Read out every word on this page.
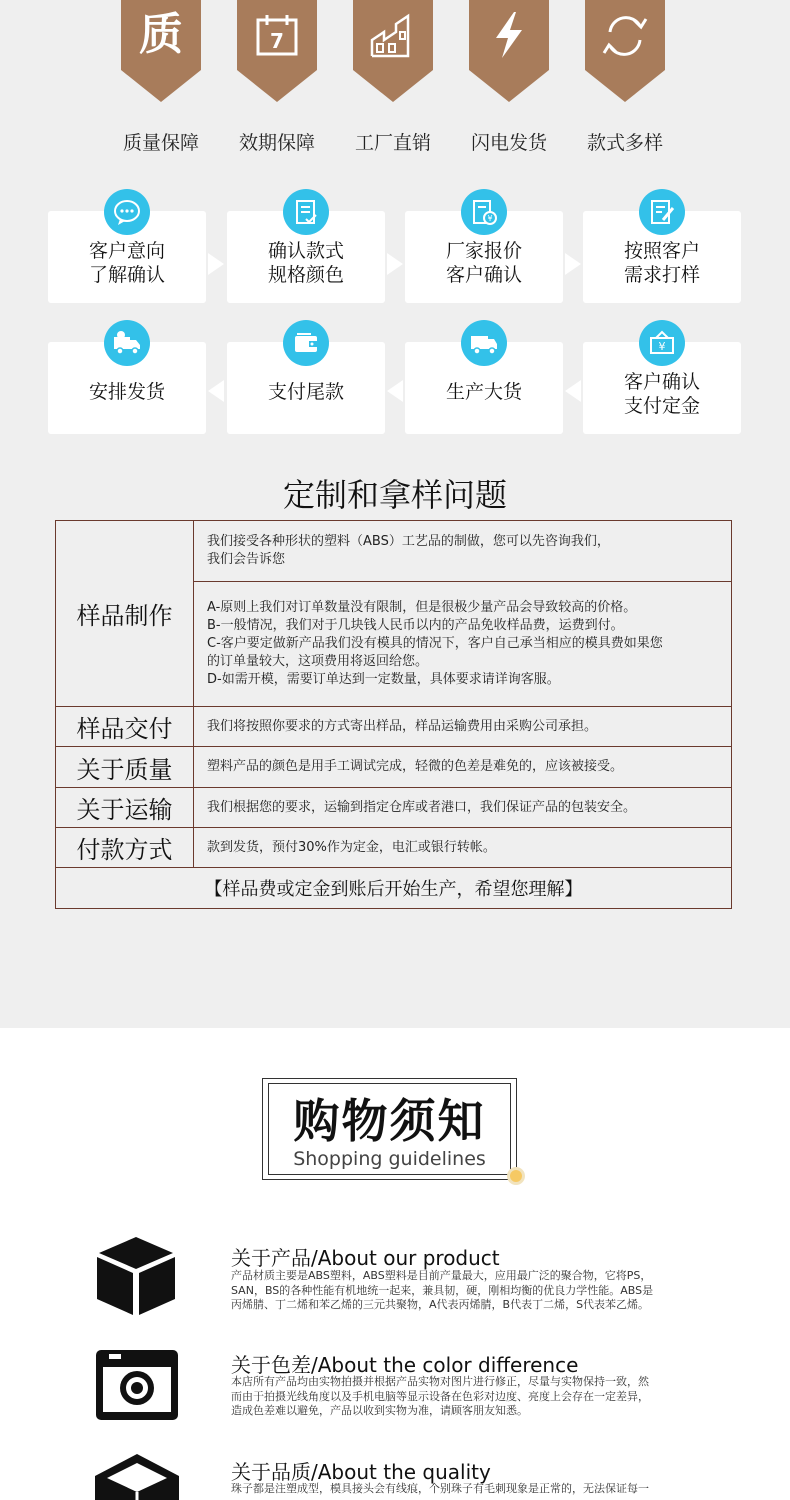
质	7
质量保障	效期保障	工厂直销	闪电发货	款式多样
客户意向
了解确认
确认款式
规格颜色
厂家报价
客户确认
按照客户
需求打样
¥
安排发货	支付尾款	生产大货	客户确认
支付定金
¥
定制和拿样问题
样品制作	我们接受各种形状的塑料（ABS）工艺品的制做，您可以先咨询我们，
我们会告诉您

	A-原则上我们对订单数量没有限制，但是很极少量产品会导致较高的价格。
B-一般情况，我们对于几块钱人民币以内的产品免收样品费，运费到付。
C-客户要定做新产品我们没有模具的情况下，客户自己承当相应的模具费如果您
的订单量较大，这项费用将返回给您。
D-如需开模，需要订单达到一定数量，具体要求请详询客服。

样品交付	我们将按照你要求的方式寄出样品，样品运输费用由采购公司承担。
关于质量	塑料产品的颜色是用手工调试完成，轻微的色差是难免的，应该被接受。
关于运输	我们根据您的要求，运输到指定仓库或者港口，我们保证产品的包装安全。
付款方式	款到发货，预付30%作为定金，电汇或银行转帐。
【样品费或定金到账后开始生产，希望您理解】	
购物须知
Shopping guidelines
关于产品/About our product
产品材质主要是ABS塑料，ABS塑料是目前产量最大，应用最广泛的聚合物，它将PS，
SAN，BS的各种性能有机地统一起来，兼具韧，硬，刚相均衡的优良力学性能。ABS是
丙烯腈、丁二烯和苯乙烯的三元共聚物，A代表丙烯腈，B代表丁二烯，S代表苯乙烯。
关于色差/About the color difference
本店所有产品均由实物拍摄并根据产品实物对图片进行修正，尽量与实物保持一致，然
而由于拍摄光线角度以及手机电脑等显示设备在色彩对边度、亮度上会存在一定差异，
造成色差难以避免，产品以收到实物为准，请顾客朋友知悉。
关于品质/About the quality
珠子都是注塑成型，模具接头会有线痕，个别珠子有毛刺现象是正常的，无法保证每一
